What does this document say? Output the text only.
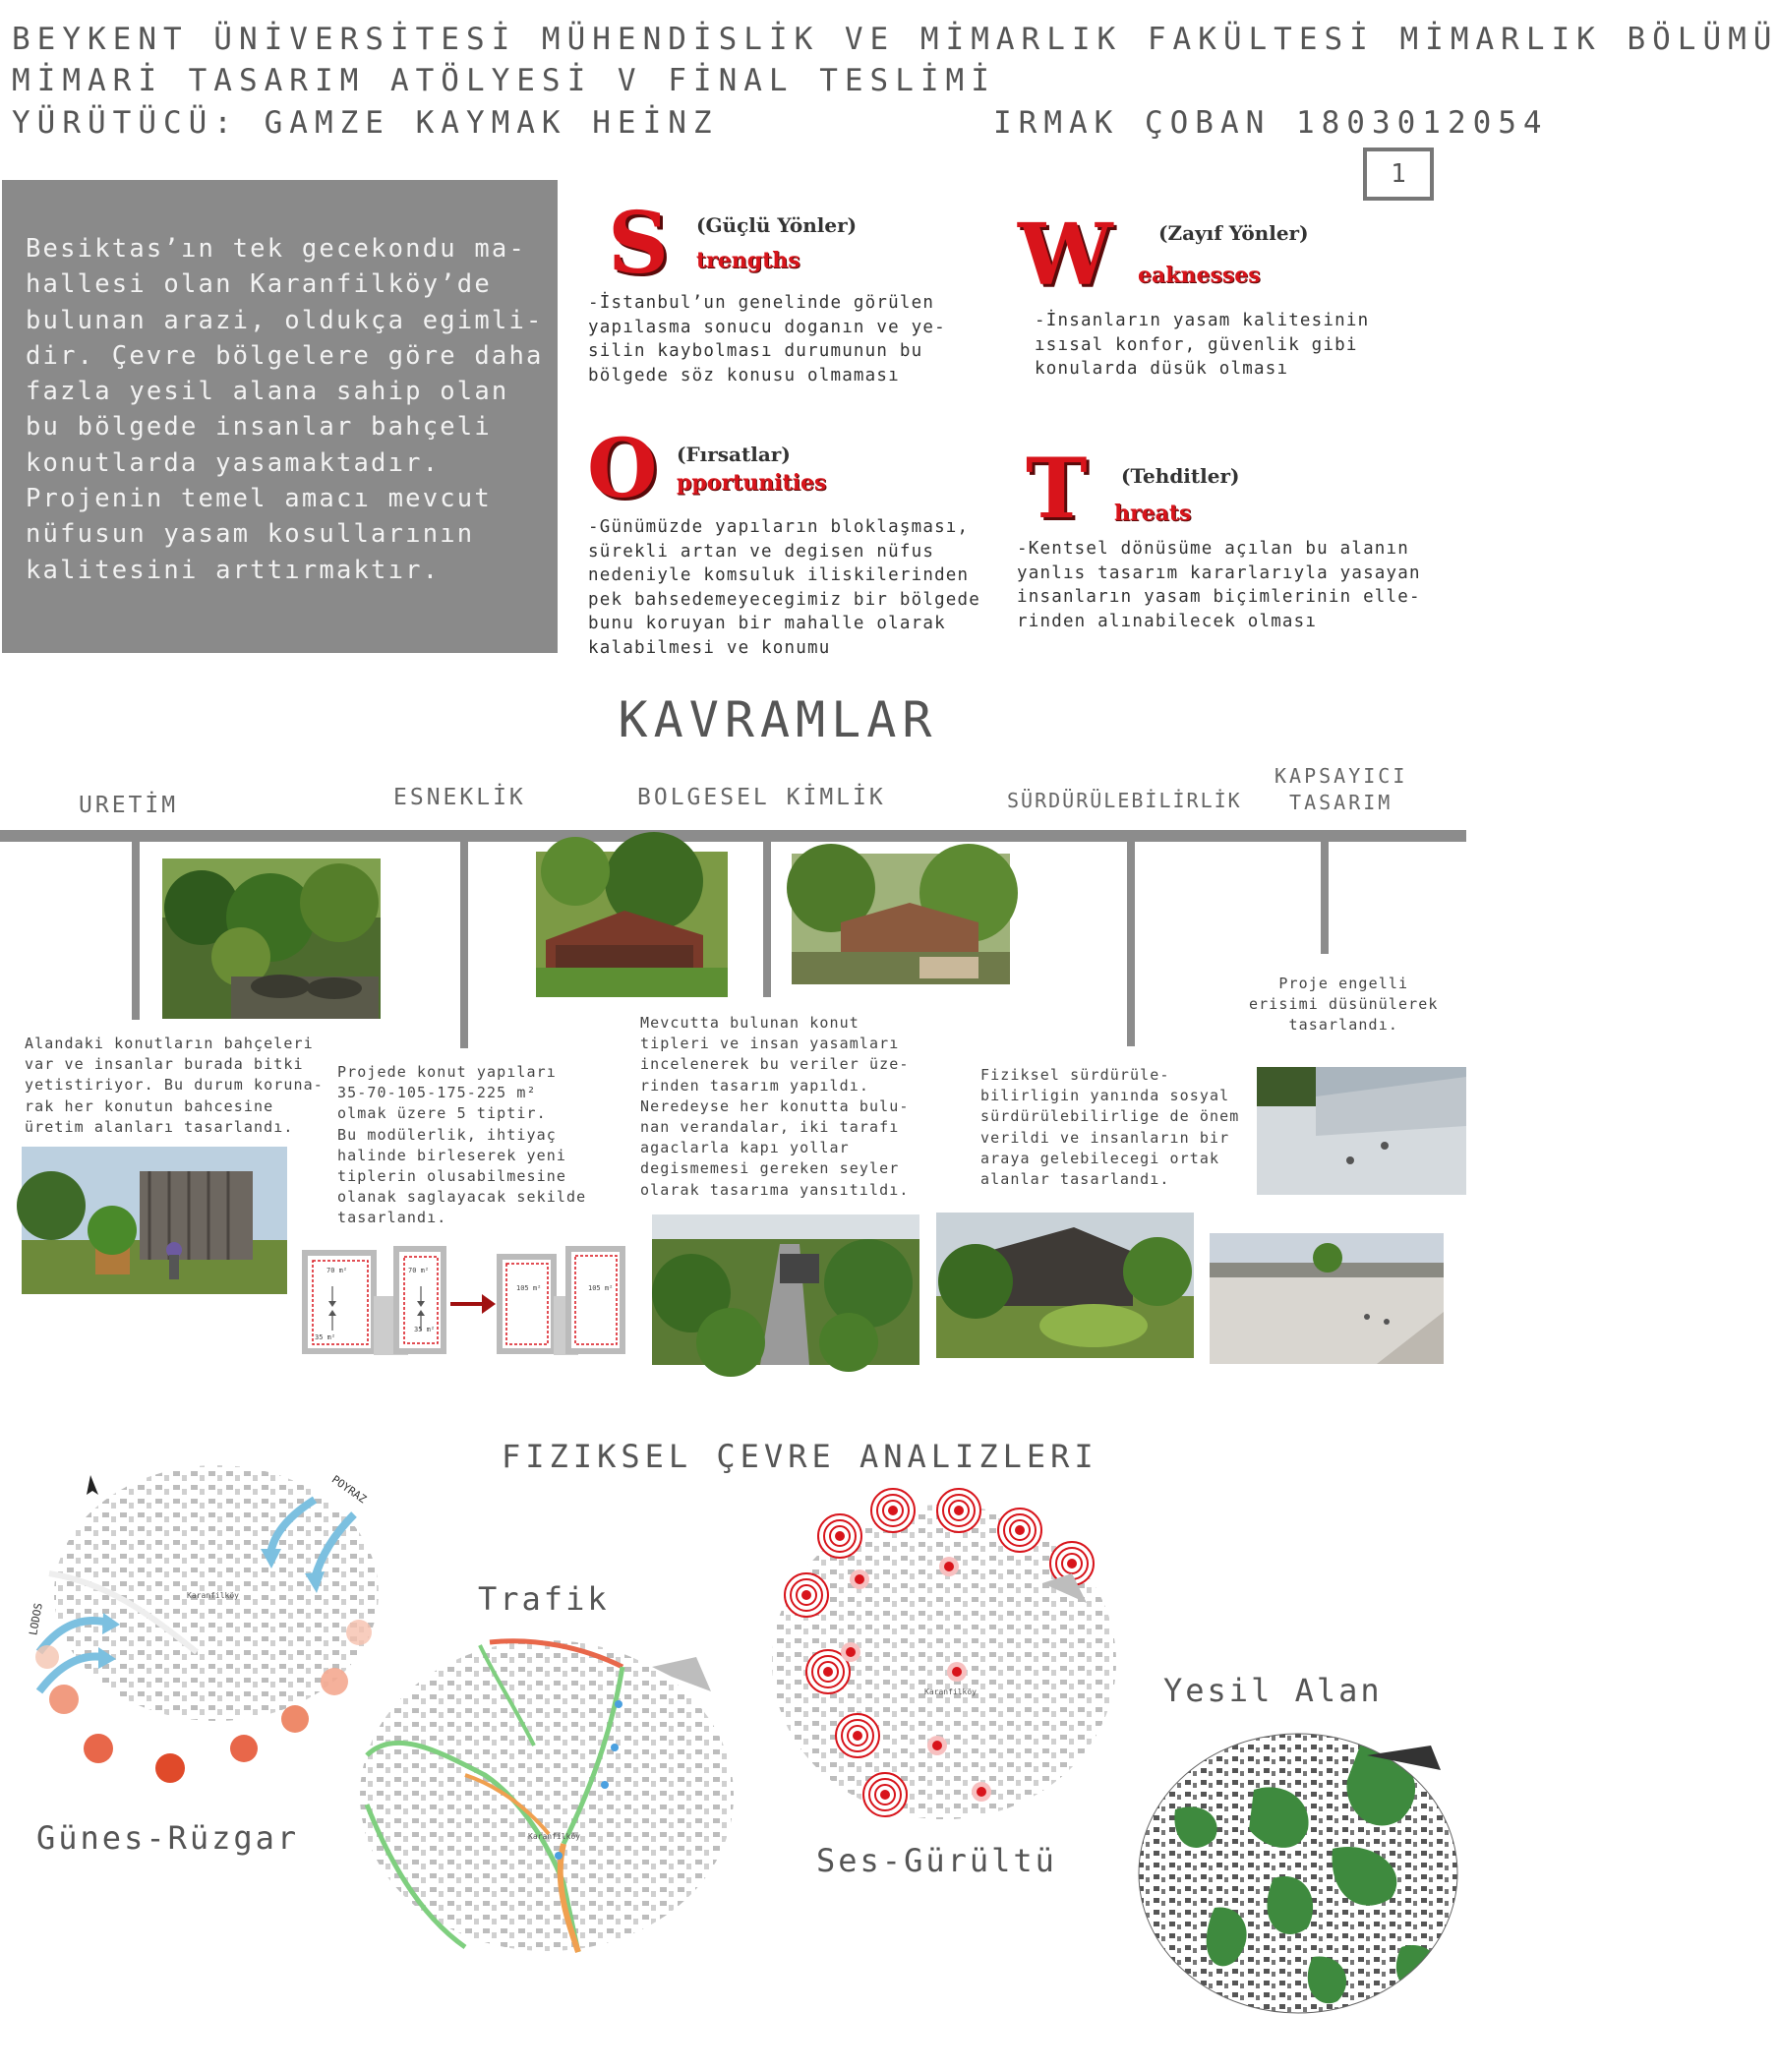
BEYKENT ÜNİVERSİTESİ MÜHENDİSLİK VE MİMARLIK FAKÜLTESİ MİMARLIK BÖLÜMÜ
MİMARİ TASARIM ATÖLYESİ V FİNAL TESLİMİ
YÜRÜTÜCÜ: GAMZE KAYMAK HEİNZ	IRMAK ÇOBAN 1803012054
1
Besiktas’ın tek gecekondu ma-
hallesi olan Karanfilköy’de
bulunan arazi, oldukça egimli-
dir. Çevre bölgelere göre daha
fazla yesil alana sahip olan
bu bölgede insanlar bahçeli
konutlarda yasamaktadır.
Projenin temel amacı mevcut
nüfusun yasam kosullarının
kalitesini arttırmaktır.
S (Güçlü Yönler)
trengths
-İstanbul’un genelinde görülen
yapılasma sonucu doganın ve ye-
silin kaybolması durumunun bu
bölgede söz konusu olmaması
W (Zayıf Yönler)
eaknesses
-İnsanların yasam kalitesinin
ısısal konfor, güvenlik gibi
konularda düsük olması
O (Fırsatlar)
pportunities
-Günümüzde yapıların bloklaşması,
sürekli artan ve degisen nüfus
nedeniyle komsuluk iliskilerinden
pek bahsedemeyecegimiz bir bölgede
bunu koruyan bir mahalle olarak
kalabilmesi ve konumu
T (Tehditler)
hreats
-Kentsel dönüsüme açılan bu alanın
yanlıs tasarım kararlarıyla yasayan
insanların yasam biçimlerinin elle-
rinden alınabilecek olması
KAVRAMLAR
URETİM	ESNEKLİK	BOLGESEL KİMLİK	SÜRDÜRÜLEBİLİRLİK
KAPSAYICI
TASARIM
70 m²	70 m²
35 m²
35 m²
105 m²	105 m²
Alandaki konutların bahçeleri
var ve insanlar burada bitki
yetistiriyor. Bu durum koruna-
rak her konutun bahcesine
üretim alanları tasarlandı.
Projede konut yapıları
35-70-105-175-225 m²
olmak üzere 5 tiptir.
Bu modülerlik, ihtiyaç
halinde birleserek yeni
tiplerin olusabilmesine
olanak saglayacak sekilde
tasarlandı.
Mevcutta bulunan konut
tipleri ve insan yasamları
incelenerek bu veriler üze-
rinden tasarım yapıldı.
Neredeyse her konutta bulu-
nan verandalar, iki tarafı
agaclarla kapı yollar
degismemesi gereken seyler
olarak tasarıma yansıtıldı.
Fiziksel sürdürüle-
bilirligin yanında sosyal
sürdürülebilirlige de önem
verildi ve insanların bir
araya gelebilecegi ortak
alanlar tasarlandı.
Proje engelli
erisimi düsünülerek
tasarlandı.
FIZIKSEL ÇEVRE ANALIZLERI
POYRAZ
LODOS
Karanfilköy
Günes-Rüzgar
Trafik
Karanfilköy
Karanfilköy
Ses-Gürültü
Yesil Alan
